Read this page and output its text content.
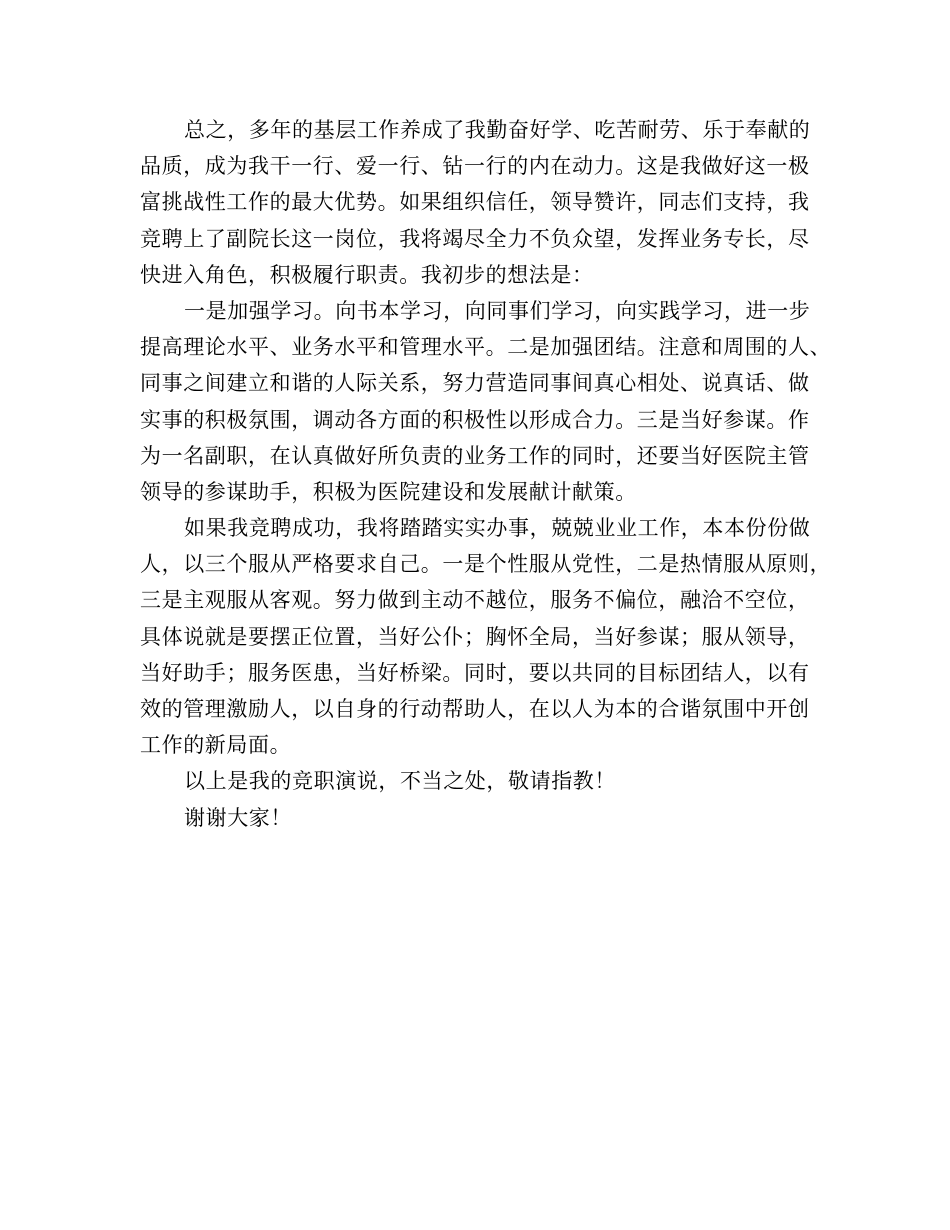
总之，多年的基层工作养成了我勤奋好学、吃苦耐劳、乐于奉献的
品质，成为我干一行、爱一行、钻一行的内在动力。这是我做好这一极
富挑战性工作的最大优势。如果组织信任，领导赞许，同志们支持，我
竞聘上了副院长这一岗位，我将竭尽全力不负众望，发挥业务专长，尽
快进入角色，积极履行职责。我初步的想法是：
一是加强学习。向书本学习，向同事们学习，向实践学习，进一步
提高理论水平、业务水平和管理水平。二是加强团结。注意和周围的人、
同事之间建立和谐的人际关系，努力营造同事间真心相处、说真话、做
实事的积极氛围，调动各方面的积极性以形成合力。三是当好参谋。作
为一名副职，在认真做好所负责的业务工作的同时，还要当好医院主管
领导的参谋助手，积极为医院建设和发展献计献策。
如果我竞聘成功，我将踏踏实实办事，兢兢业业工作，本本份份做
人，以三个服从严格要求自己。一是个性服从党性，二是热情服从原则，
三是主观服从客观。努力做到主动不越位，服务不偏位，融洽不空位，
具体说就是要摆正位置，当好公仆；胸怀全局，当好参谋；服从领导，
当好助手；服务医患，当好桥梁。同时，要以共同的目标团结人，以有
效的管理激励人，以自身的行动帮助人，在以人为本的合谐氛围中开创
工作的新局面。
以上是我的竞职演说，不当之处，敬请指教！
谢谢大家！
